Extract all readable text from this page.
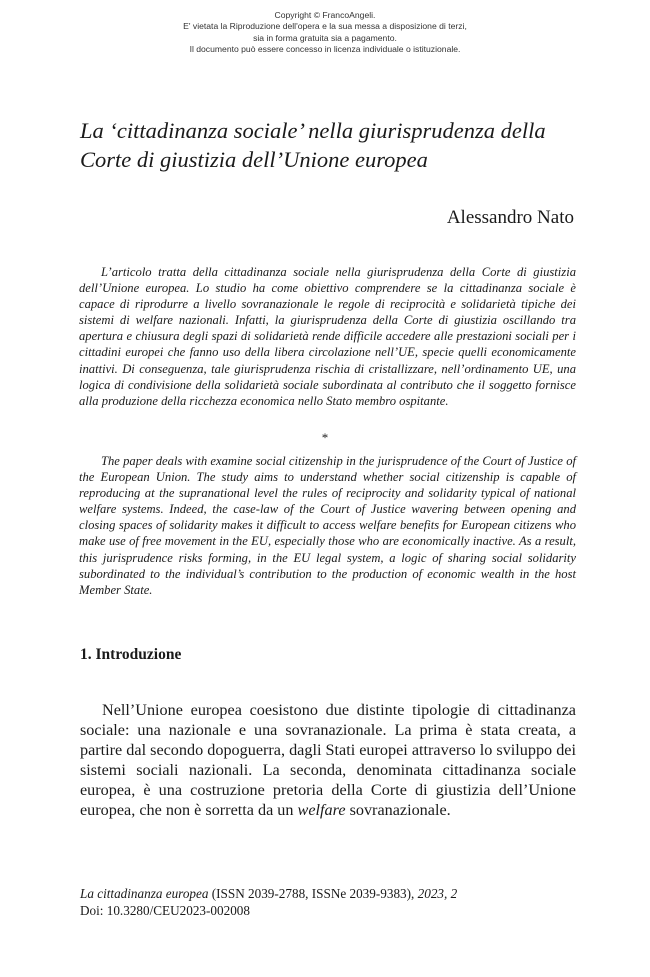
Copyright © FrancoAngeli.
E' vietata la Riproduzione dell'opera e la sua messa a disposizione di terzi,
sia in forma gratuita sia a pagamento.
Il documento può essere concesso in licenza individuale o istituzionale.
La ‘cittadinanza sociale’ nella giurisprudenza della
Corte di giustizia dell’Unione europea
Alessandro Nato

L’articolo tratta della cittadinanza sociale nella giurisprudenza della Corte di giustizia dell’Unione europea. Lo studio ha come obiettivo comprendere se la cittadinanza sociale è capace di riprodurre a livello sovranazionale le regole di reciprocità e solidarietà tipiche dei sistemi di welfare nazionali. Infatti, la giurisprudenza della Corte di giustizia oscillando tra apertura e chiusura degli spazi di solidarietà rende difficile accedere alle prestazioni sociali per i cittadini europei che fanno uso della libera circolazione nell’UE, specie quelli economicamente inattivi. Di conseguenza, tale giurisprudenza rischia di cristallizzare, nell’ordinamento UE, una logica di condivisione della solidarietà sociale subordinata al contributo che il soggetto fornisce alla produzione della ricchezza economica nello Stato membro ospitante.

*

The paper deals with examine social citizenship in the jurisprudence of the Court of Justice of the European Union. The study aims to understand whether social citizenship is capable of reproducing at the supranational level the rules of reciprocity and solidarity typical of national welfare systems. Indeed, the case-law of the Court of Justice wavering between opening and closing spaces of solidarity makes it difficult to access welfare benefits for European citizens who make use of free movement in the EU, especially those who are economically inactive. As a result, this jurisprudence risks forming, in the EU legal system, a logic of sharing social solidarity subordinated to the individual’s contribution to the production of economic wealth in the host Member State.

1. Introduzione

Nell’Unione europea coesistono due distinte tipologie di cittadinanza sociale: una nazionale e una sovranazionale. La prima è stata creata, a partire dal secondo dopoguerra, dagli Stati europei attraverso lo sviluppo dei sistemi sociali nazionali. La seconda, denominata cittadinanza sociale europea, è una costruzione pretoria della Corte di giustizia dell’Unione europea, che non è sorretta da un welfare sovranazionale.

La cittadinanza europea (ISSN 2039-2788, ISSNe 2039-9383), 2023, 2
Doi: 10.3280/CEU2023-002008
